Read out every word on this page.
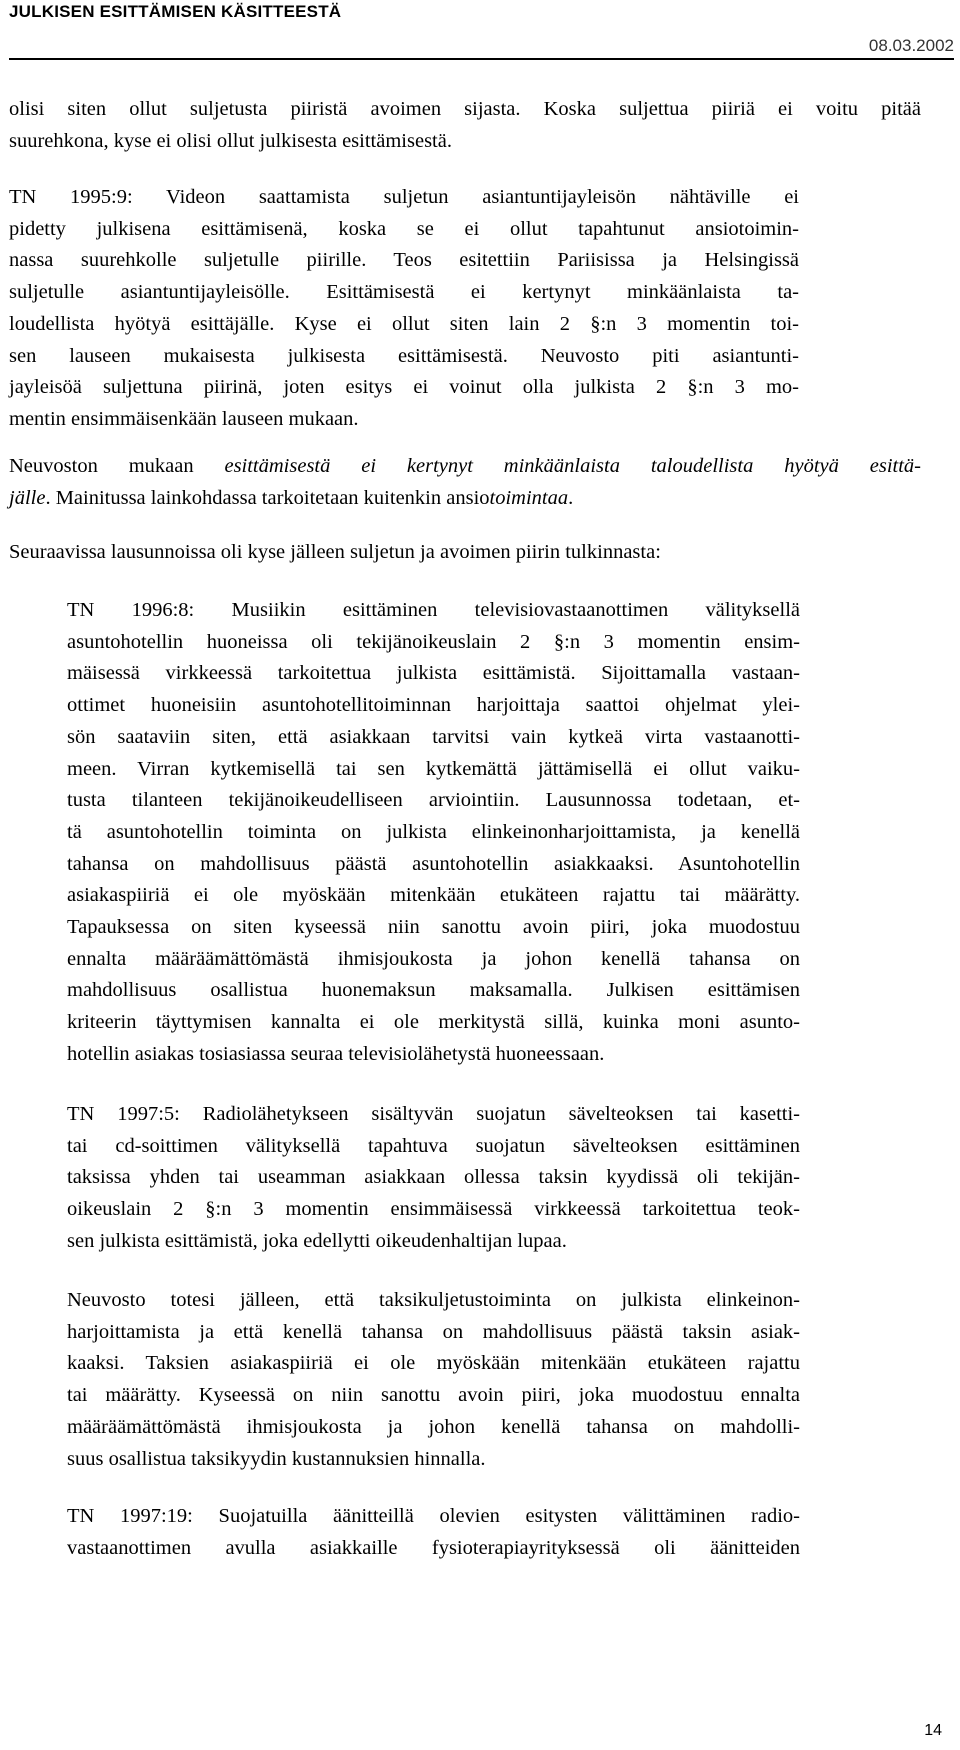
JULKISEN ESITTÄMISEN KÄSITTEESTÄ
08.03.2002
olisi siten ollut suljetusta piiristä avoimen sijasta. Koska suljettua piiriä ei voitu pitää
suurehkona, kyse ei olisi ollut julkisesta esittämisestä.
TN 1995:9: Videon saattamista suljetun asiantuntijayleisön nähtäville ei
pidetty julkisena esittämisenä, koska se ei ollut tapahtunut ansiotoimin-
nassa suurehkolle suljetulle piirille. Teos esitettiin Pariisissa ja Helsingissä
suljetulle asiantuntijayleisölle. Esittämisestä ei kertynyt minkäänlaista ta-
loudellista hyötyä esittäjälle. Kyse ei ollut siten lain 2 §:n 3 momentin toi-
sen lauseen mukaisesta julkisesta esittämisestä. Neuvosto piti asiantunti-
jayleisöä suljettuna piirinä, joten esitys ei voinut olla julkista 2 §:n 3 mo-
mentin ensimmäisenkään lauseen mukaan.
Neuvoston mukaan esittämisestä ei kertynyt minkäänlaista taloudellista hyötyä esittä-
jälle. Mainitussa lainkohdassa tarkoitetaan kuitenkin ansiotoimintaa.
Seuraavissa lausunnoissa oli kyse jälleen suljetun ja avoimen piirin tulkinnasta:
TN 1996:8: Musiikin esittäminen televisiovastaanottimen välityksellä
asuntohotellin huoneissa oli tekijänoikeuslain 2 §:n 3 momentin ensim-
mäisessä virkkeessä tarkoitettua julkista esittämistä. Sijoittamalla vastaan-
ottimet huoneisiin asuntohotellitoiminnan harjoittaja saattoi ohjelmat ylei-
sön saataviin siten, että asiakkaan tarvitsi vain kytkeä virta vastaanotti-
meen. Virran kytkemisellä tai sen kytkemättä jättämisellä ei ollut vaiku-
tusta tilanteen tekijänoikeudelliseen arviointiin. Lausunnossa todetaan, et-
tä asuntohotellin toiminta on julkista elinkeinonharjoittamista, ja kenellä
tahansa on mahdollisuus päästä asuntohotellin asiakkaaksi. Asuntohotellin
asiakaspiiriä ei ole myöskään mitenkään etukäteen rajattu tai määrätty.
Tapauksessa on siten kyseessä niin sanottu avoin piiri, joka muodostuu
ennalta määräämättömästä ihmisjoukosta ja johon kenellä tahansa on
mahdollisuus osallistua huonemaksun maksamalla. Julkisen esittämisen
kriteerin täyttymisen kannalta ei ole merkitystä sillä, kuinka moni asunto-
hotellin asiakas tosiasiassa seuraa televisiolähetystä huoneessaan.
TN 1997:5: Radiolähetykseen sisältyvän suojatun sävelteoksen tai kasetti-
tai cd-soittimen välityksellä tapahtuva suojatun sävelteoksen esittäminen
taksissa yhden tai useamman asiakkaan ollessa taksin kyydissä oli tekijän-
oikeuslain 2 §:n 3 momentin ensimmäisessä virkkeessä tarkoitettua teok-
sen julkista esittämistä, joka edellytti oikeudenhaltijan lupaa.
Neuvosto totesi jälleen, että taksikuljetustoiminta on julkista elinkeinon-
harjoittamista ja että kenellä tahansa on mahdollisuus päästä taksin asiak-
kaaksi. Taksien asiakaspiiriä ei ole myöskään mitenkään etukäteen rajattu
tai määrätty. Kyseessä on niin sanottu avoin piiri, joka muodostuu ennalta
määräämättömästä ihmisjoukosta ja johon kenellä tahansa on mahdolli-
suus osallistua taksikyydin kustannuksien hinnalla.
TN 1997:19: Suojatuilla äänitteillä olevien esitysten välittäminen radio-
vastaanottimen avulla asiakkaille fysioterapiayrityksessä oli äänitteiden
14
